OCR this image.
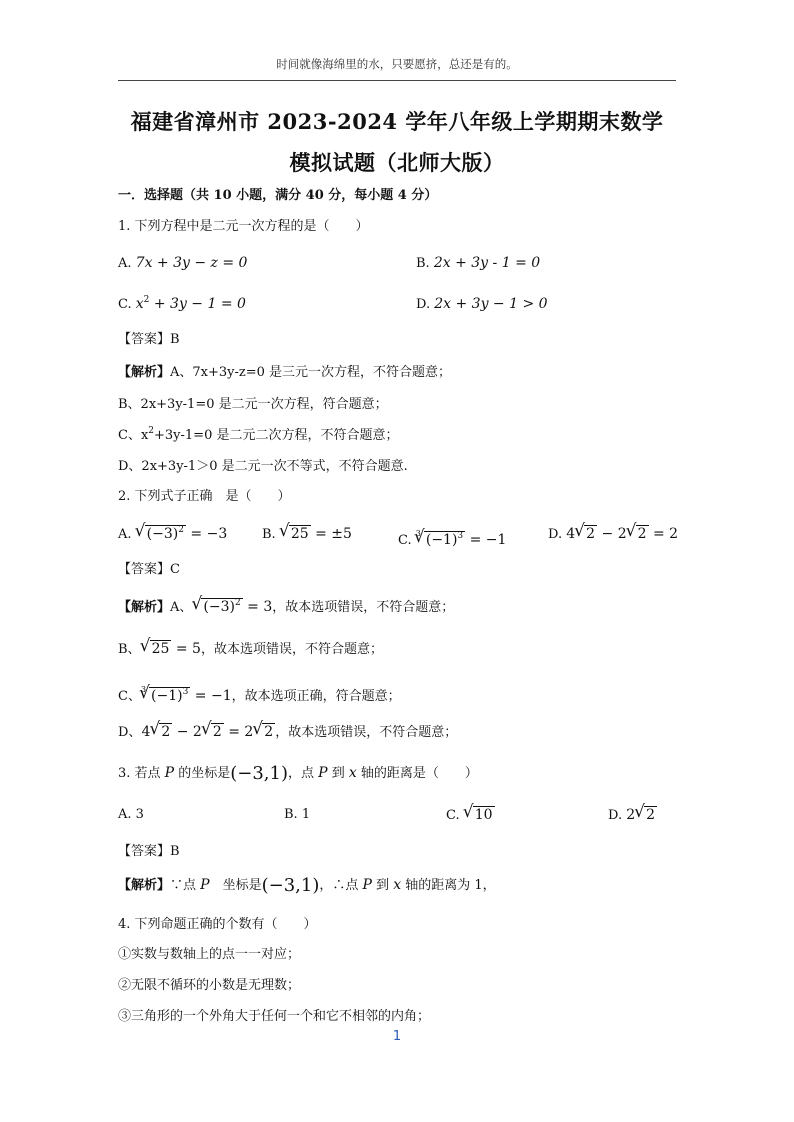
时间就像海绵里的水，只要愿挤，总还是有的。
福建省漳州市 2023-2024 学年八年级上学期期末数学
模拟试题（北师大版）
一．选择题（共 10 小题，满分 40 分，每小题 4 分）
1. 下列方程中是二元一次方程的是（　　）
A. 7x + 3y − z = 0	B. 2x + 3y - 1 = 0
C. $x^2 + 3y - 1 = 0$	D. 2x + 3y − 1 > 0
【答案】B
【解析】A、7x+3y-z=0 是三元一次方程，不符合题意；
B、2x+3y-1=0 是二元一次方程，符合题意；
C、$x^2+3y-1=0$ 是二元二次方程，不符合题意；
D、2x+3y-1＞0 是二元一次不等式，不符合题意.
2. 下列式子正确　是（　　）
A. √ $(-3)^2 = -3$	B. √ 25 = ±5	C. $^3$ √ $(-1)^3 = -1$	D. 4 √ 2 − 2 √ 2 = 2
【答案】C
【解析】A、 √ $(-3)^2 = 3$，故本选项错误，不符合题意；
B、 √ 25 = 5，故本选项错误，不符合题意；
C、$^3$ √ $(-1)^3 = -1$，故本选项正确，符合题意；
D、4 √ 2 − 2 √ 2 = 2 √ 2 ，故本选项错误，不符合题意；
3. 若点 P 的坐标是(−3,1)，点 P 到 x 轴的距离是（　　）
A. 3	B. 1	C. √ 10	D. 2 √ 2
【答案】B
【解析】∵点 P　坐标是(−3,1)，∴点 P 到 x 轴的距离为 1，
4. 下列命题正确的个数有（　　）
①实数与数轴上的点一一对应；
②无限不循环的小数是无理数；
③三角形的一个外角大于任何一个和它不相邻的内角；
1
